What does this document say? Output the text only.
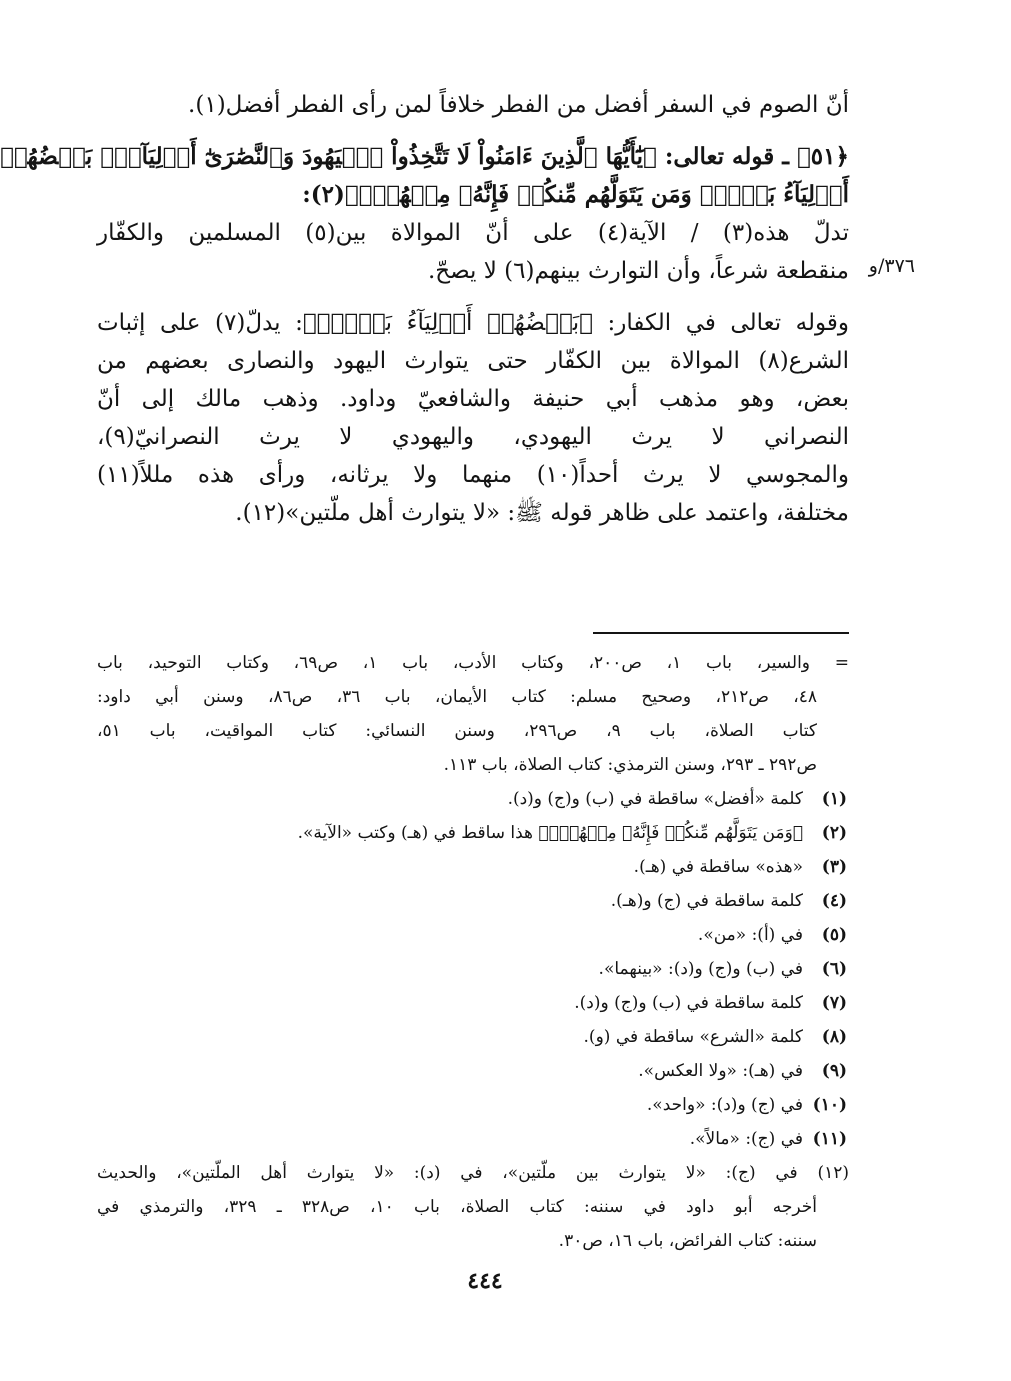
أنّ الصوم في السفر أفضل من الفطر خلافاً لمن رأى الفطر أفضل(١).
﴿٥١﴾ ـ قوله تعالى: ﴿يَٰٓأَيُّهَا ٱلَّذِينَ ءَامَنُواْ لَا تَتَّخِذُواْ ٱلۡيَهُودَ وَٱلنَّصَٰرَىٰٓ أَوۡلِيَآءَۘ بَعۡضُهُمۡ
أَوۡلِيَآءُ بَعۡضٖۚ وَمَن يَتَوَلَّهُم مِّنكُمۡ فَإِنَّهُۥ مِنۡهُمۡۗ﴾(٢):
تدلّ هذه(٣) / الآية(٤) على أنّ الموالاة بين(٥) المسلمين والكفّار
منقطعة شرعاً، وأن التوارث بينهم(٦) لا يصحّ.
وقوله تعالى في الكفار: ﴿بَعۡضُهُمۡ أَوۡلِيَآءُ بَعۡضٖۚ﴾: يدلّ(٧) على إثبات
الشرع(٨) الموالاة بين الكفّار حتى يتوارث اليهود والنصارى بعضهم من
بعض، وهو مذهب أبي حنيفة والشافعيّ وداود. وذهب مالك إلى أنّ
النصراني لا يرث اليهودي، واليهودي لا يرث النصرانيّ(٩)،
والمجوسي لا يرث أحداً(١٠) منهما ولا يرثانه، ورأى هذه مللاً(١١)
مختلفة، واعتمد على ظاهر قوله ﷺ: «لا يتوارث أهل ملّتين»(١٢).
٣٧٦/و
= والسير، باب ١، ص٢٠٠، وكتاب الأدب، باب ١، ص٦٩، وكتاب التوحيد، باب
٤٨، ص٢١٢، وصحيح مسلم: كتاب الأيمان، باب ٣٦، ص٨٦، وسنن أبي داود:
كتاب الصلاة، باب ٩، ص٢٩٦، وسنن النسائي: كتاب المواقيت، باب ٥١،
ص٢٩٢ ـ ٢٩٣، وسنن الترمذي: كتاب الصلاة، باب ١١٣.
(١)كلمة «أفضل» ساقطة في (ب) و(ج) و(د).
(٢)﴿وَمَن يَتَوَلَّهُم مِّنكُمۡ فَإِنَّهُۥ مِنۡهُمۡۗ﴾ هذا ساقط في (هـ) وكتب «الآية».
(٣)«هذه» ساقطة في (هـ).
(٤)كلمة ساقطة في (ج) و(هـ).
(٥)في (أ): «من».
(٦)في (ب) و(ج) و(د): «بينهما».
(٧)كلمة ساقطة في (ب) و(ج) و(د).
(٨)كلمة «الشرع» ساقطة في (و).
(٩)في (هـ): «ولا العكس».
(١٠)في (ج) و(د): «واحد».
(١١)في (ج): «مالاً».
(١٢) في (ج): «لا يتوارث بين ملّتين»، في (د): «لا يتوارث أهل الملّتين»، والحديث
أخرجه أبو داود في سننه: كتاب الصلاة، باب ١٠، ص٣٢٨ ـ ٣٢٩، والترمذي في
سننه: كتاب الفرائض، باب ١٦، ص٣٠.
٤٤٤
